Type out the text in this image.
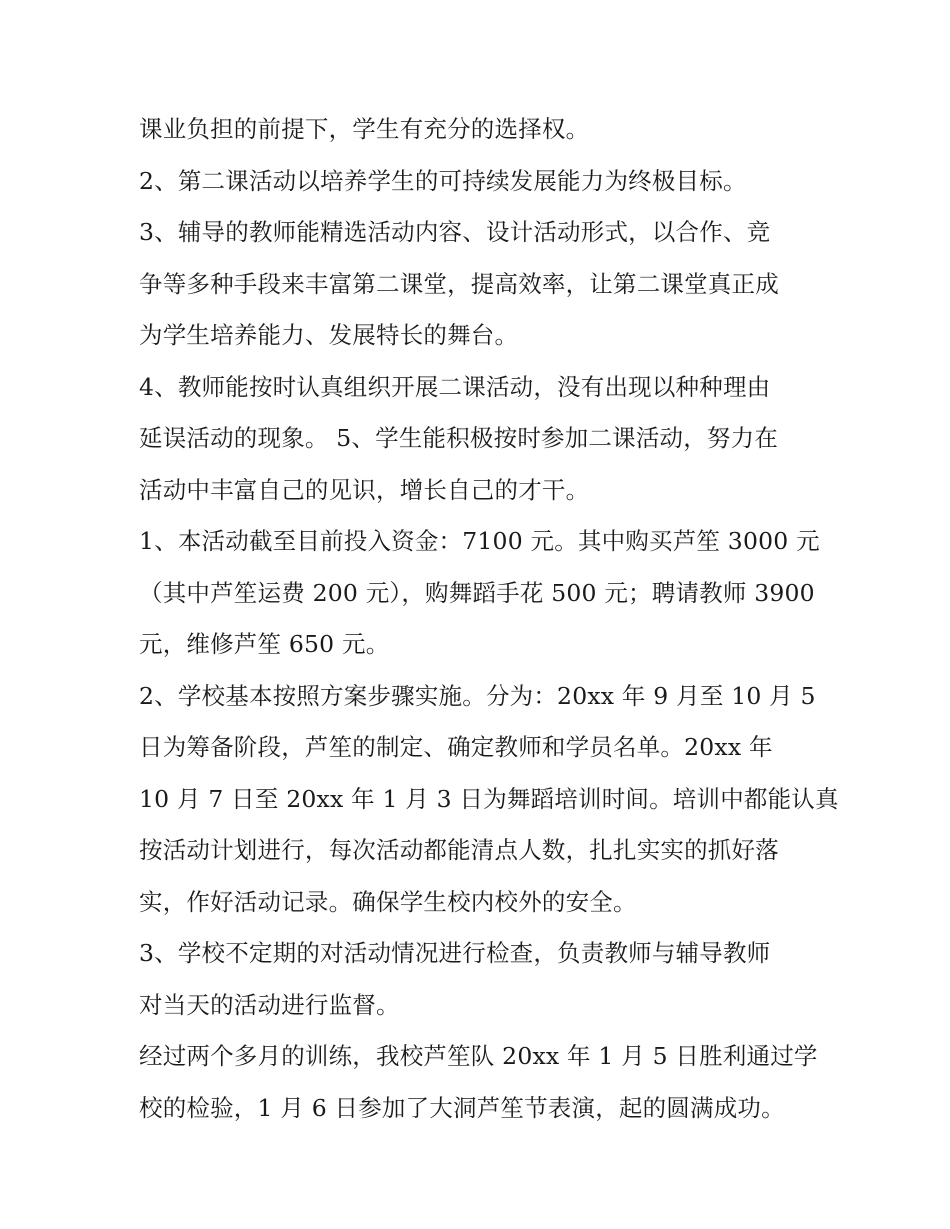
课业负担的前提下，学生有充分的选择权。
2、第二课活动以培养学生的可持续发展能力为终极目标。
3、辅导的教师能精选活动内容、设计活动形式，以合作、竞
争等多种手段来丰富第二课堂，提高效率，让第二课堂真正成
为学生培养能力、发展特长的舞台。
4、教师能按时认真组织开展二课活动，没有出现以种种理由
延误活动的现象。 5、学生能积极按时参加二课活动，努力在
活动中丰富自己的见识，增长自己的才干。
1、本活动截至目前投入资金：7100 元。其中购买芦笙 3000 元
（其中芦笙运费 200 元），购舞蹈手花 500 元；聘请教师 3900
元，维修芦笙 650 元。
2、学校基本按照方案步骤实施。分为：20xx 年 9 月至 10 月 5
日为筹备阶段，芦笙的制定、确定教师和学员名单。20xx 年
10 月 7 日至 20xx 年 1 月 3 日为舞蹈培训时间。培训中都能认真
按活动计划进行，每次活动都能清点人数，扎扎实实的抓好落
实，作好活动记录。确保学生校内校外的安全。
3、学校不定期的对活动情况进行检查，负责教师与辅导教师
对当天的活动进行监督。
经过两个多月的训练，我校芦笙队 20xx 年 1 月 5 日胜利通过学
校的检验，1 月 6 日参加了大洞芦笙节表演，起的圆满成功。
